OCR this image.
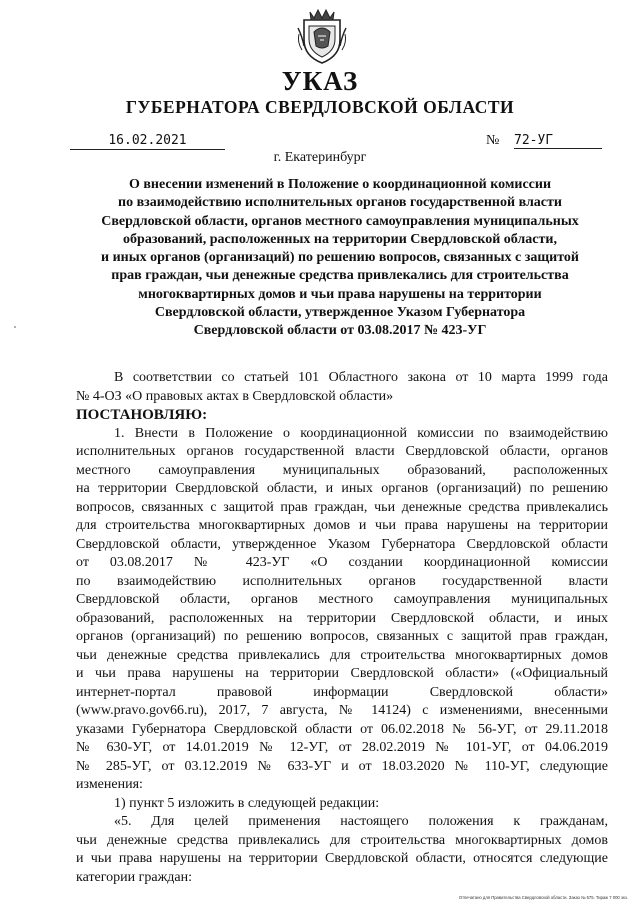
УКАЗ
ГУБЕРНАТОРА СВЕРДЛОВСКОЙ ОБЛАСТИ
16.02.2021	№ 72-УГ
г. Екатеринбург
О внесении изменений в Положение о координационной комиссии
по взаимодействию исполнительных органов государственной власти
Свердловской области, органов местного самоуправления муниципальных
образований, расположенных на территории Свердловской области,
и иных органов (организаций) по решению вопросов, связанных с защитой
прав граждан, чьи денежные средства привлекались для строительства
многоквартирных домов и чьи права нарушены на территории
Свердловской области, утвержденное Указом Губернатора
Свердловской области от 03.08.2017 № 423-УГ
В соответствии со статьей 101 Областного закона от 10 марта 1999 года
№ 4-ОЗ «О правовых актах в Свердловской области»
ПОСТАНОВЛЯЮ:
1. Внести в Положение о координационной комиссии по взаимодействию
исполнительных органов государственной власти Свердловской области, органов
местного самоуправления муниципальных образований, расположенных
на территории Свердловской области, и иных органов (организаций) по решению
вопросов, связанных с защитой прав граждан, чьи денежные средства привлекались
для строительства многоквартирных домов и чьи права нарушены на территории
Свердловской области, утвержденное Указом Губернатора Свердловской области
от 03.08.2017 № 423-УГ «О создании координационной комиссии
по взаимодействию исполнительных органов государственной власти
Свердловской области, органов местного самоуправления муниципальных
образований, расположенных на территории Свердловской области, и иных
органов (организаций) по решению вопросов, связанных с защитой прав граждан,
чьи денежные средства привлекались для строительства многоквартирных домов
и чьи права нарушены на территории Свердловской области» («Официальный
интернет-портал правовой информации Свердловской области»
(www.pravo.gov66.ru), 2017, 7 августа, № 14124) с изменениями, внесенными
указами Губернатора Свердловской области от 06.02.2018 № 56-УГ, от 29.11.2018
№ 630-УГ, от 14.01.2019 № 12-УГ, от 28.02.2019 № 101-УГ, от 04.06.2019
№ 285-УГ, от 03.12.2019 № 633-УГ и от 18.03.2020 № 110-УГ, следующие
изменения:
1) пункт 5 изложить в следующей редакции:
«5. Для целей применения настоящего положения к гражданам,
чьи денежные средства привлекались для строительства многоквартирных домов
и чьи права нарушены на территории Свердловской области, относятся следующие
категории граждан:
Отпечатано для Правительства Свердловской области. Заказ № 575. Тираж 7 000 экз.
